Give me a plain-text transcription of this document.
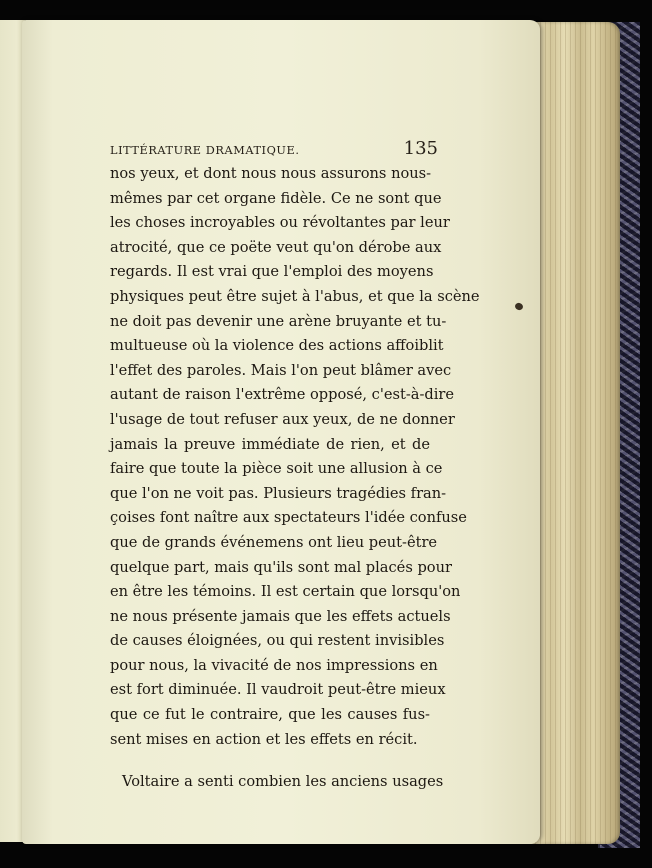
LITTÉRATURE DRAMATIQUE.	135
nos yeux, et dont nous nous assurons nous-
mêmes par cet organe fidèle. Ce ne sont que
les choses incroyables ou révoltantes par leur
atrocité, que ce poëte veut qu'on dérobe aux
regards. Il est vrai que l'emploi des moyens
physiques peut être sujet à l'abus, et que la scène
ne doit pas devenir une arène bruyante et tu-
multueuse où la violence des actions affoiblit
l'effet des paroles. Mais l'on peut blâmer avec
autant de raison l'extrême opposé, c'est-à-dire
l'usage de tout refuser aux yeux, de ne donner
jamais la preuve immédiate de rien, et de
faire que toute la pièce soit une allusion à ce
que l'on ne voit pas. Plusieurs tragédies fran-
çoises font naître aux spectateurs l'idée confuse
que de grands événemens ont lieu peut-être
quelque part, mais qu'ils sont mal placés pour
en être les témoins. Il est certain que lorsqu'on
ne nous présente jamais que les effets actuels
de causes éloignées, ou qui restent invisibles
pour nous, la vivacité de nos impressions en
est fort diminuée. Il vaudroit peut-être mieux
que ce fut le contraire, que les causes fus-
sent mises en action et les effets en récit.
Voltaire a senti combien les anciens usages
